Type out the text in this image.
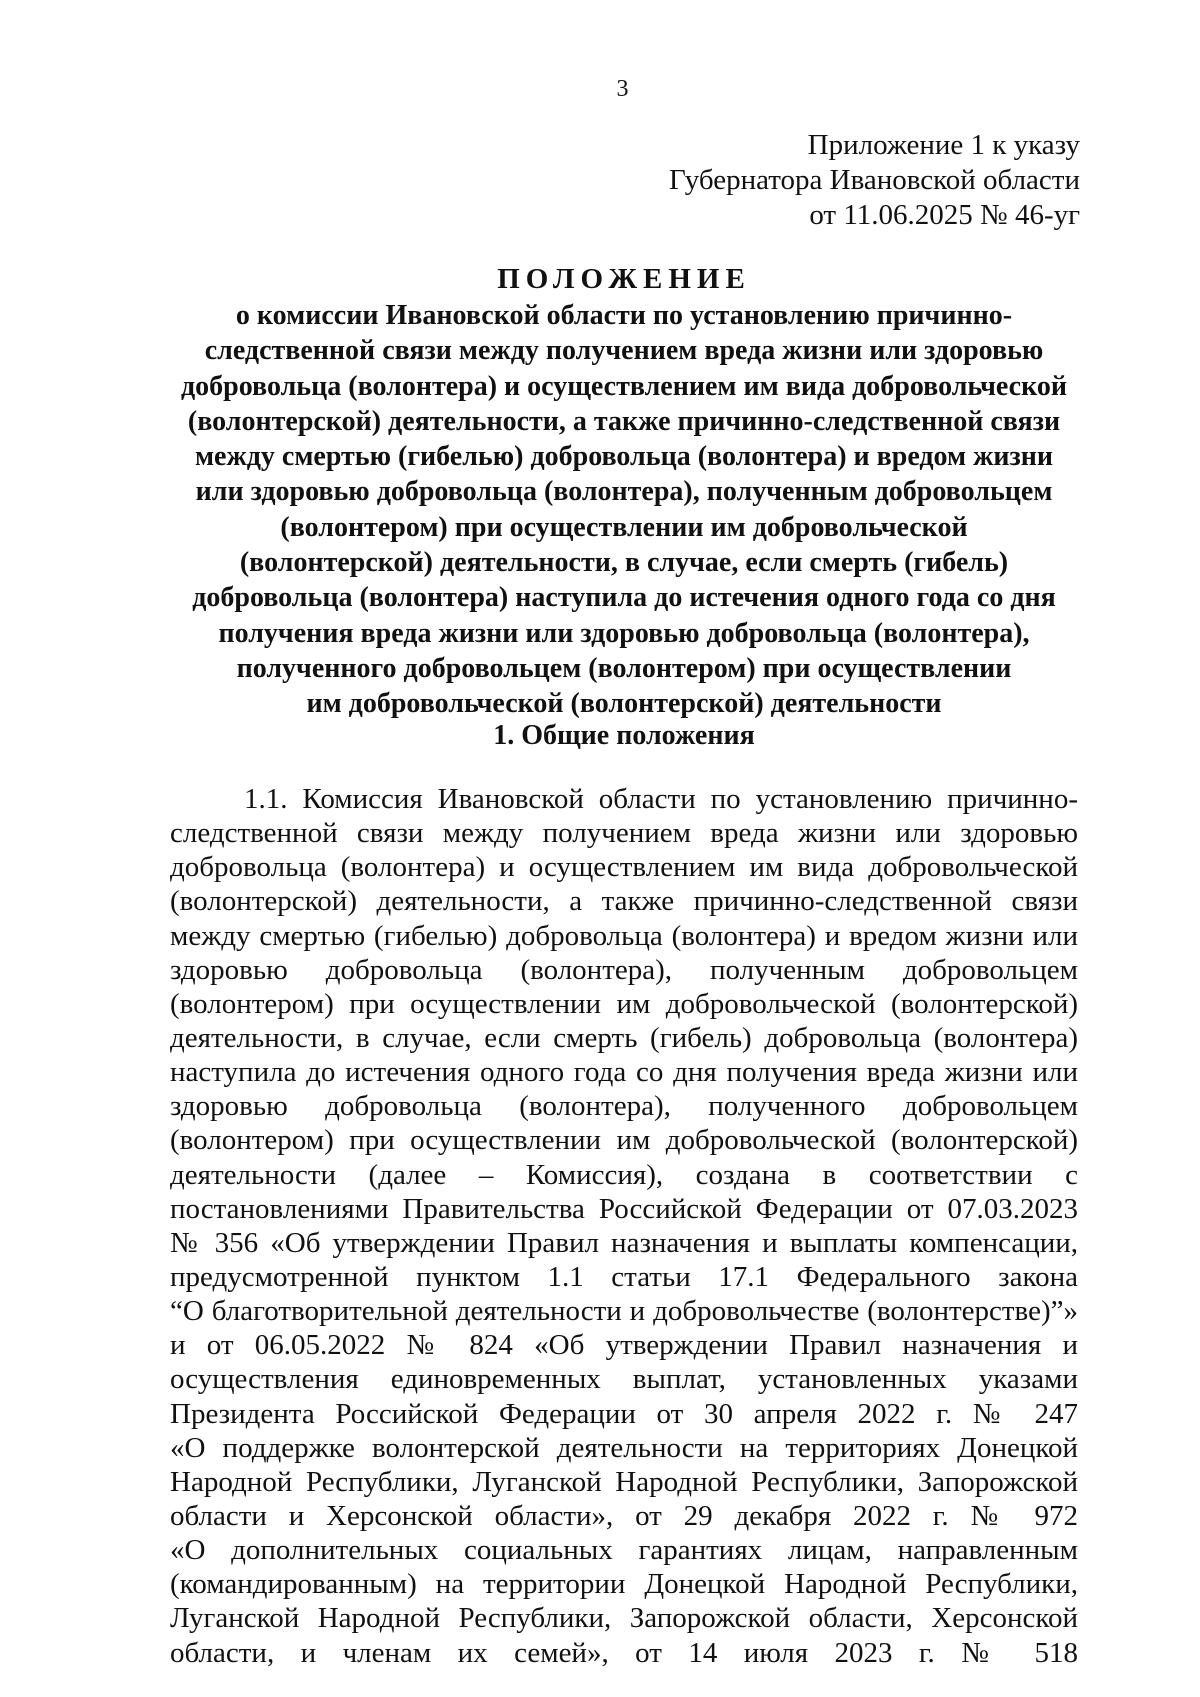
3
Приложение 1 к указу
Губернатора Ивановской области
от 11.06.2025 № 46-уг
ПОЛОЖЕНИЕ
о комиссии Ивановской области по установлению причинно-
следственной связи между получением вреда жизни или здоровью
добровольца (волонтера) и осуществлением им вида добровольческой
(волонтерской) деятельности, а также причинно-следственной связи
между смертью (гибелью) добровольца (волонтера) и вредом жизни
или здоровью добровольца (волонтера), полученным добровольцем
(волонтером) при осуществлении им добровольческой
(волонтерской) деятельности, в случае, если смерть (гибель)
добровольца (волонтера) наступила до истечения одного года со дня
получения вреда жизни или здоровью добровольца (волонтера),
полученного добровольцем (волонтером) при осуществлении
им добровольческой (волонтерской) деятельности
1. Общие положения
1.1. Комиссия Ивановской области по установлению причинно-
следственной связи между получением вреда жизни или здоровью
добровольца (волонтера) и осуществлением им вида добровольческой
(волонтерской) деятельности, а также причинно-следственной связи
между смертью (гибелью) добровольца (волонтера) и вредом жизни или
здоровью добровольца (волонтера), полученным добровольцем
(волонтером) при осуществлении им добровольческой (волонтерской)
деятельности, в случае, если смерть (гибель) добровольца (волонтера)
наступила до истечения одного года со дня получения вреда жизни или
здоровью добровольца (волонтера), полученного добровольцем
(волонтером) при осуществлении им добровольческой (волонтерской)
деятельности (далее – Комиссия), создана в соответствии с
постановлениями Правительства Российской Федерации от 07.03.2023
№ 356 «Об утверждении Правил назначения и выплаты компенсации,
предусмотренной пунктом 1.1 статьи 17.1 Федерального закона
“О благотворительной деятельности и добровольчестве (волонтерстве)”»
и от 06.05.2022 № 824 «Об утверждении Правил назначения и
осуществления единовременных выплат, установленных указами
Президента Российской Федерации от 30 апреля 2022 г. № 247
«О поддержке волонтерской деятельности на территориях Донецкой
Народной Республики, Луганской Народной Республики, Запорожской
области и Херсонской области», от 29 декабря 2022 г. № 972
«О дополнительных социальных гарантиях лицам, направленным
(командированным) на территории Донецкой Народной Республики,
Луганской Народной Республики, Запорожской области, Херсонской
области, и членам их семей», от 14 июля 2023 г. № 518
